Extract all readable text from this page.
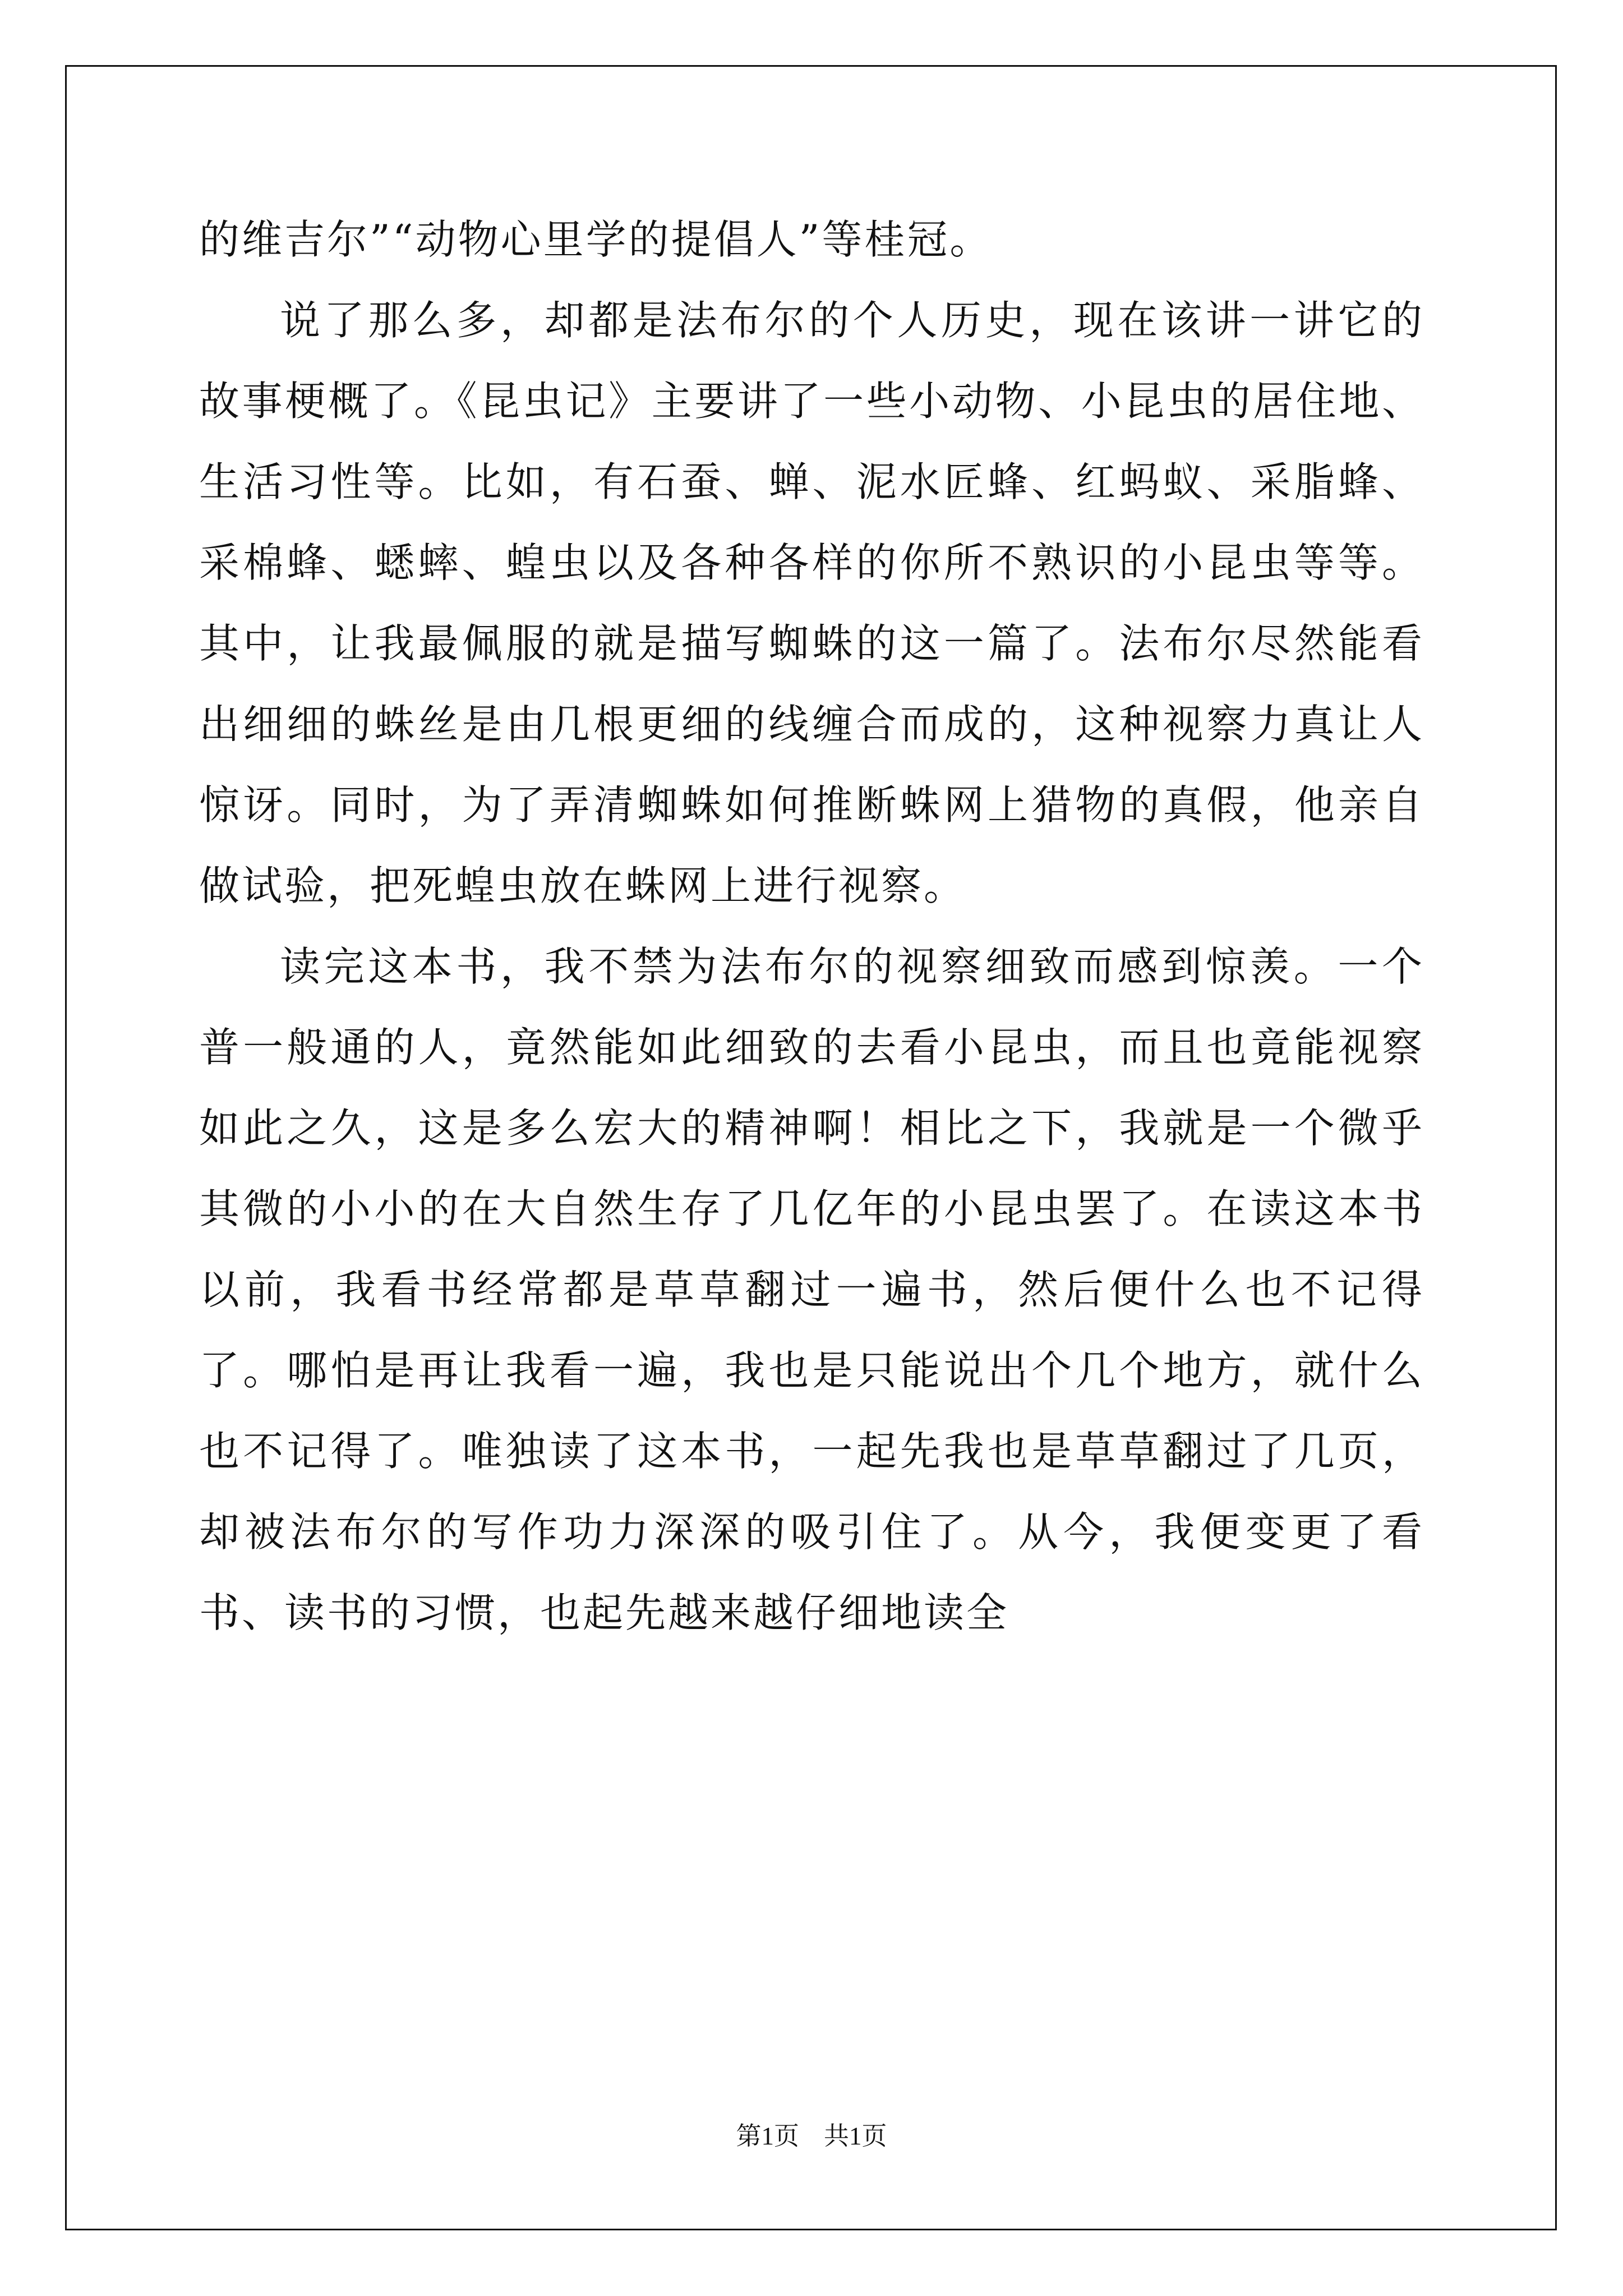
的维吉尔”“动物心里学的提倡人”等桂冠。

说了那么多，却都是法布尔的个人历史，现在该讲一讲它的故事梗概了。《昆虫记》主要讲了一些小动物、小昆虫的居住地、生活习性等。比如，有石蚕、蝉、泥水匠蜂、红蚂蚁、采脂蜂、采棉蜂、蟋蟀、蝗虫以及各种各样的你所不熟识的小昆虫等等。其中，让我最佩服的就是描写蜘蛛的这一篇了。法布尔尽然能看出细细的蛛丝是由几根更细的线缠合而成的，这种视察力真让人惊讶。同时，为了弄清蜘蛛如何推断蛛网上猎物的真假，他亲自做试验，把死蝗虫放在蛛网上进行视察。

读完这本书，我不禁为法布尔的视察细致而感到惊羡。一个普一般通的人，竟然能如此细致的去看小昆虫，而且也竟能视察如此之久，这是多么宏大的精神啊！相比之下，我就是一个微乎其微的小小的在大自然生存了几亿年的小昆虫罢了。在读这本书以前，我看书经常都是草草翻过一遍书，然后便什么也不记得了。哪怕是再让我看一遍，我也是只能说出个几个地方，就什么也不记得了。唯独读了这本书，一起先我也是草草翻过了几页，却被法布尔的写作功力深深的吸引住了。从今，我便变更了看书、读书的习惯，也起先越来越仔细地读全

第1页 共1页
